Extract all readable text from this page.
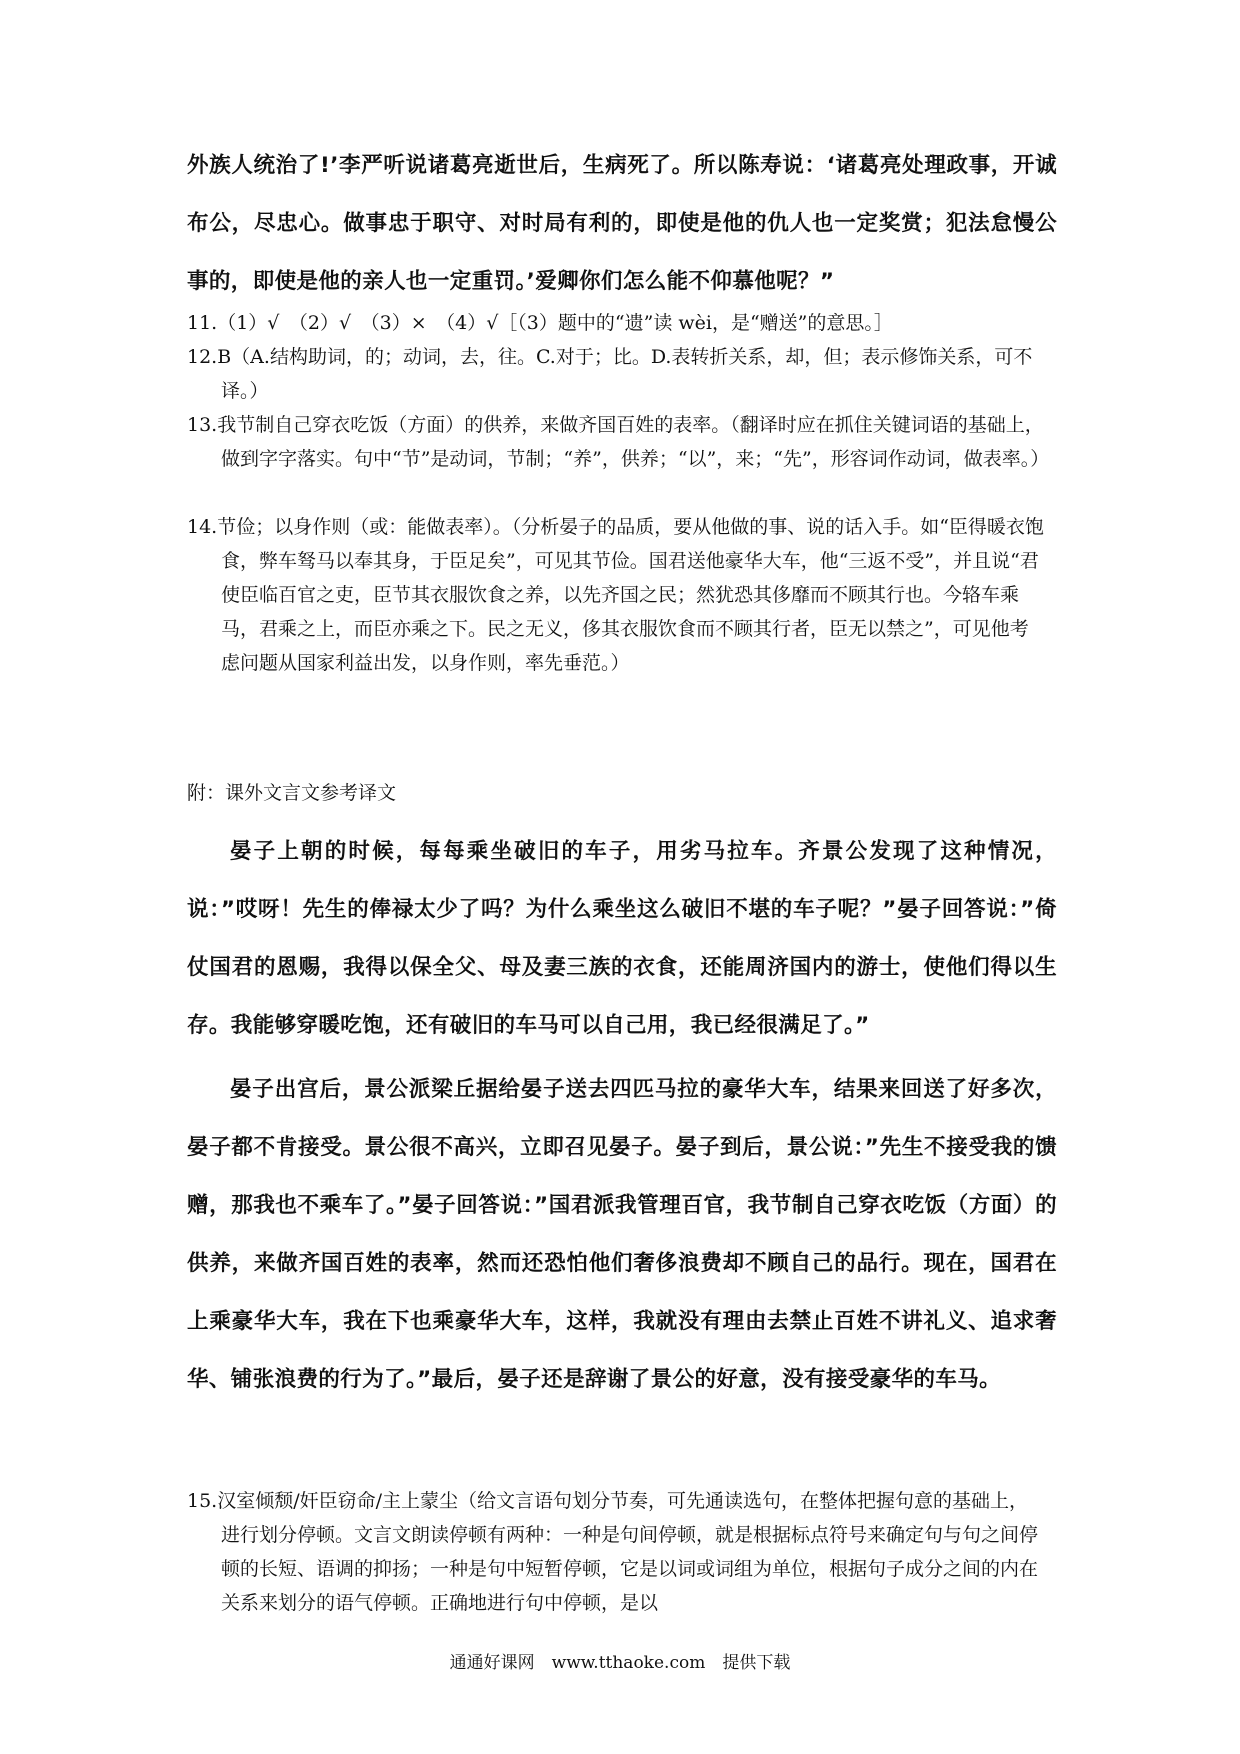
外族人统治了!’李严听说诸葛亮逝世后，生病死了。所以陈寿说：‘诸葛亮处理政事，开诚布公，尽忠心。做事忠于职守、对时局有利的，即使是他的仇人也一定奖赏；犯法怠慢公事的，即使是他的亲人也一定重罚。’爱卿你们怎么能不仰慕他呢？”

11.（1）√　（2）√　（3）×　（4）√［（3）题中的“遗”读 wèi，是“赠送”的意思。］
12.B（A.结构助词，的；动词，去，往。C.对于；比。D.表转折关系，却，但；表示修饰关系，可不译。）
13.我节制自己穿衣吃饭（方面）的供养，来做齐国百姓的表率。（翻译时应在抓住关键词语的基础上，做到字字落实。句中“节”是动词，节制；“养”，供养；“以”，来；“先”，形容词作动词，做表率。）
14.节俭；以身作则（或：能做表率）。（分析晏子的品质，要从他做的事、说的话入手。如“臣得暖衣饱食，弊车驽马以奉其身，于臣足矣”，可见其节俭。国君送他豪华大车，他“三返不受”，并且说“君使臣临百官之吏，臣节其衣服饮食之养，以先齐国之民；然犹恐其侈靡而不顾其行也。今辂车乘马，君乘之上，而臣亦乘之下。民之无义，侈其衣服饮食而不顾其行者，臣无以禁之”，可见他考虑问题从国家利益出发，以身作则，率先垂范。）

附：课外文言文参考译文

晏子上朝的时候，每每乘坐破旧的车子，用劣马拉车。齐景公发现了这种情况，说：”哎呀！先生的俸禄太少了吗？为什么乘坐这么破旧不堪的车子呢？”晏子回答说：”倚仗国君的恩赐，我得以保全父、母及妻三族的衣食，还能周济国内的游士，使他们得以生存。我能够穿暖吃饱，还有破旧的车马可以自己用，我已经很满足了。”

晏子出宫后，景公派梁丘据给晏子送去四匹马拉的豪华大车，结果来回送了好多次，晏子都不肯接受。景公很不高兴，立即召见晏子。晏子到后，景公说：”先生不接受我的馈赠，那我也不乘车了。”晏子回答说：”国君派我管理百官，我节制自己穿衣吃饭（方面）的供养，来做齐国百姓的表率，然而还恐怕他们奢侈浪费却不顾自己的品行。现在，国君在上乘豪华大车，我在下也乘豪华大车，这样，我就没有理由去禁止百姓不讲礼义、追求奢华、铺张浪费的行为了。”最后，晏子还是辞谢了景公的好意，没有接受豪华的车马。

15.汉室倾颓/奸臣窃命/主上蒙尘（给文言语句划分节奏，可先通读选句，在整体把握句意的基础上，进行划分停顿。文言文朗读停顿有两种：一种是句间停顿，就是根据标点符号来确定句与句之间停顿的长短、语调的抑扬；一种是句中短暂停顿，它是以词或词组为单位，根据句子成分之间的内在关系来划分的语气停顿。正确地进行句中停顿，是以
通通好课网　www.tthaoke.com　提供下载
